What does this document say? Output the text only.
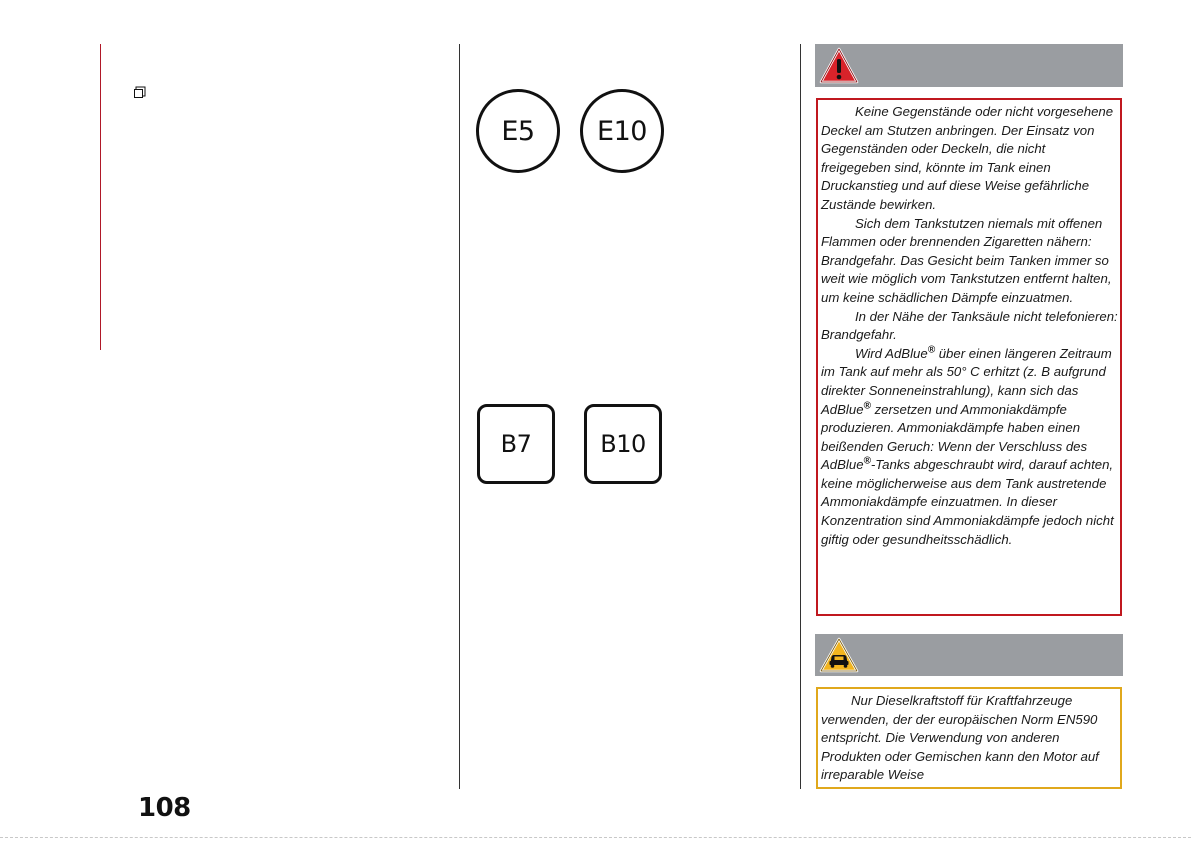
E5	E10
B7	B10

Keine Gegenstände oder nicht vorgesehene Deckel am Stutzen anbringen. Der Einsatz von Gegenständen oder Deckeln, die nicht freigegeben sind, könnte im Tank einen Druckanstieg und auf diese Weise gefährliche Zustände bewirken.

Sich dem Tankstutzen niemals mit offenen Flammen oder brennenden Zigaretten nähern: Brandgefahr. Das Gesicht beim Tanken immer so weit wie möglich vom Tankstutzen entfernt halten, um keine schädlichen Dämpfe einzuatmen.

In der Nähe der Tanksäule nicht telefonieren: Brandgefahr.

Wird AdBlue® über einen längeren Zeitraum im Tank auf mehr als 50° C erhitzt (z. B aufgrund direkter Sonneneinstrahlung), kann sich das AdBlue® zersetzen und Ammoniakdämpfe produzieren. Ammoniakdämpfe haben einen beißenden Geruch: Wenn der Verschluss des AdBlue®-Tanks abgeschraubt wird, darauf achten, keine möglicherweise aus dem Tank austretende Ammoniakdämpfe einzuatmen. In dieser Konzentration sind Ammoniakdämpfe jedoch nicht giftig oder gesundheitsschädlich.

Nur Dieselkraftstoff für Kraftfahrzeuge verwenden, der der europäischen Norm EN590 entspricht. Die Verwendung von anderen Produkten oder Gemischen kann den Motor auf irreparable Weise

108
